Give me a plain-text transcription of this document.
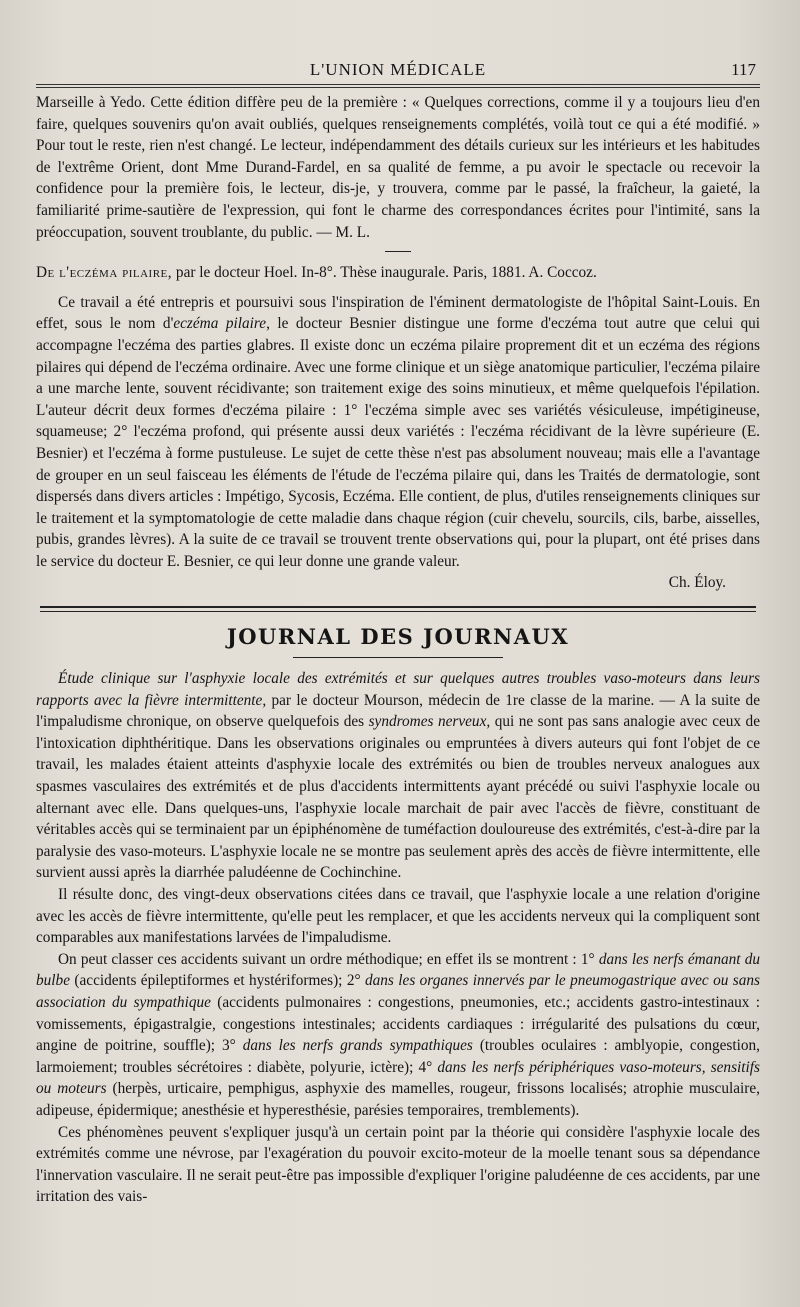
L'UNION MÉDICALE	117

Marseille à Yedo. Cette édition diffère peu de la première : « Quelques corrections, comme il y a toujours lieu d'en faire, quelques souvenirs qu'on avait oubliés, quelques renseignements complétés, voilà tout ce qui a été modifié. » Pour tout le reste, rien n'est changé. Le lecteur, indépendamment des détails curieux sur les intérieurs et les habitudes de l'extrême Orient, dont Mme Durand-Fardel, en sa qualité de femme, a pu avoir le spectacle ou recevoir la confidence pour la première fois, le lecteur, dis-je, y trouvera, comme par le passé, la fraîcheur, la gaieté, la familiarité prime-sautière de l'expression, qui font le charme des correspondances écrites pour l'intimité, sans la préoccupation, souvent troublante, du public. — M. L.

De l'eczéma pilaire, par le docteur Hoel. In-8°. Thèse inaugurale. Paris, 1881. A. Coccoz.

Ce travail a été entrepris et poursuivi sous l'inspiration de l'éminent dermatologiste de l'hôpital Saint-Louis. En effet, sous le nom d'eczéma pilaire, le docteur Besnier distingue une forme d'eczéma tout autre que celui qui accompagne l'eczéma des parties glabres. Il existe donc un eczéma pilaire proprement dit et un eczéma des régions pilaires qui dépend de l'eczéma ordinaire. Avec une forme clinique et un siège anatomique particulier, l'eczéma pilaire a une marche lente, souvent récidivante; son traitement exige des soins minutieux, et même quelquefois l'épilation. L'auteur décrit deux formes d'eczéma pilaire : 1° l'eczéma simple avec ses variétés vésiculeuse, impétigineuse, squameuse; 2° l'eczéma profond, qui présente aussi deux variétés : l'eczéma récidivant de la lèvre supérieure (E. Besnier) et l'eczéma à forme pustuleuse. Le sujet de cette thèse n'est pas absolument nouveau; mais elle a l'avantage de grouper en un seul faisceau les éléments de l'étude de l'eczéma pilaire qui, dans les Traités de dermatologie, sont dispersés dans divers articles : Impétigo, Sycosis, Eczéma. Elle contient, de plus, d'utiles renseignements cliniques sur le traitement et la symptomatologie de cette maladie dans chaque région (cuir chevelu, sourcils, cils, barbe, aisselles, pubis, grandes lèvres). A la suite de ce travail se trouvent trente observations qui, pour la plupart, ont été prises dans le service du docteur E. Besnier, ce qui leur donne une grande valeur.

Ch. Éloy.
JOURNAL DES JOURNAUX

Étude clinique sur l'asphyxie locale des extrémités et sur quelques autres troubles vaso-moteurs dans leurs rapports avec la fièvre intermittente, par le docteur Mourson, médecin de 1re classe de la marine. — A la suite de l'impaludisme chronique, on observe quelquefois des syndromes nerveux, qui ne sont pas sans analogie avec ceux de l'intoxication diphthéritique. Dans les observations originales ou empruntées à divers auteurs qui font l'objet de ce travail, les malades étaient atteints d'asphyxie locale des extrémités ou bien de troubles nerveux analogues aux spasmes vasculaires des extrémités et de plus d'accidents intermittents ayant précédé ou suivi l'asphyxie locale ou alternant avec elle. Dans quelques-uns, l'asphyxie locale marchait de pair avec l'accès de fièvre, constituant de véritables accès qui se terminaient par un épiphénomène de tuméfaction douloureuse des extrémités, c'est-à-dire par la paralysie des vaso-moteurs. L'asphyxie locale ne se montre pas seulement après des accès de fièvre intermittente, elle survient aussi après la diarrhée paludéenne de Cochinchine.

Il résulte donc, des vingt-deux observations citées dans ce travail, que l'asphyxie locale a une relation d'origine avec les accès de fièvre intermittente, qu'elle peut les remplacer, et que les accidents nerveux qui la compliquent sont comparables aux manifestations larvées de l'impaludisme.

On peut classer ces accidents suivant un ordre méthodique; en effet ils se montrent : 1° dans les nerfs émanant du bulbe (accidents épileptiformes et hystériformes); 2° dans les organes innervés par le pneumogastrique avec ou sans association du sympathique (accidents pulmonaires : congestions, pneumonies, etc.; accidents gastro-intestinaux : vomissements, épigastralgie, congestions intestinales; accidents cardiaques : irrégularité des pulsations du cœur, angine de poitrine, souffle); 3° dans les nerfs grands sympathiques (troubles oculaires : amblyopie, congestion, larmoiement; troubles sécrétoires : diabète, polyurie, ictère); 4° dans les nerfs périphériques vaso-moteurs, sensitifs ou moteurs (herpès, urticaire, pemphigus, asphyxie des mamelles, rougeur, frissons localisés; atrophie musculaire, adipeuse, épidermique; anesthésie et hyperesthésie, parésies temporaires, tremblements).

Ces phénomènes peuvent s'expliquer jusqu'à un certain point par la théorie qui considère l'asphyxie locale des extrémités comme une névrose, par l'exagération du pouvoir excito-moteur de la moelle tenant sous sa dépendance l'innervation vasculaire. Il ne serait peut-être pas impossible d'expliquer l'origine paludéenne de ces accidents, par une irritation des vais-
